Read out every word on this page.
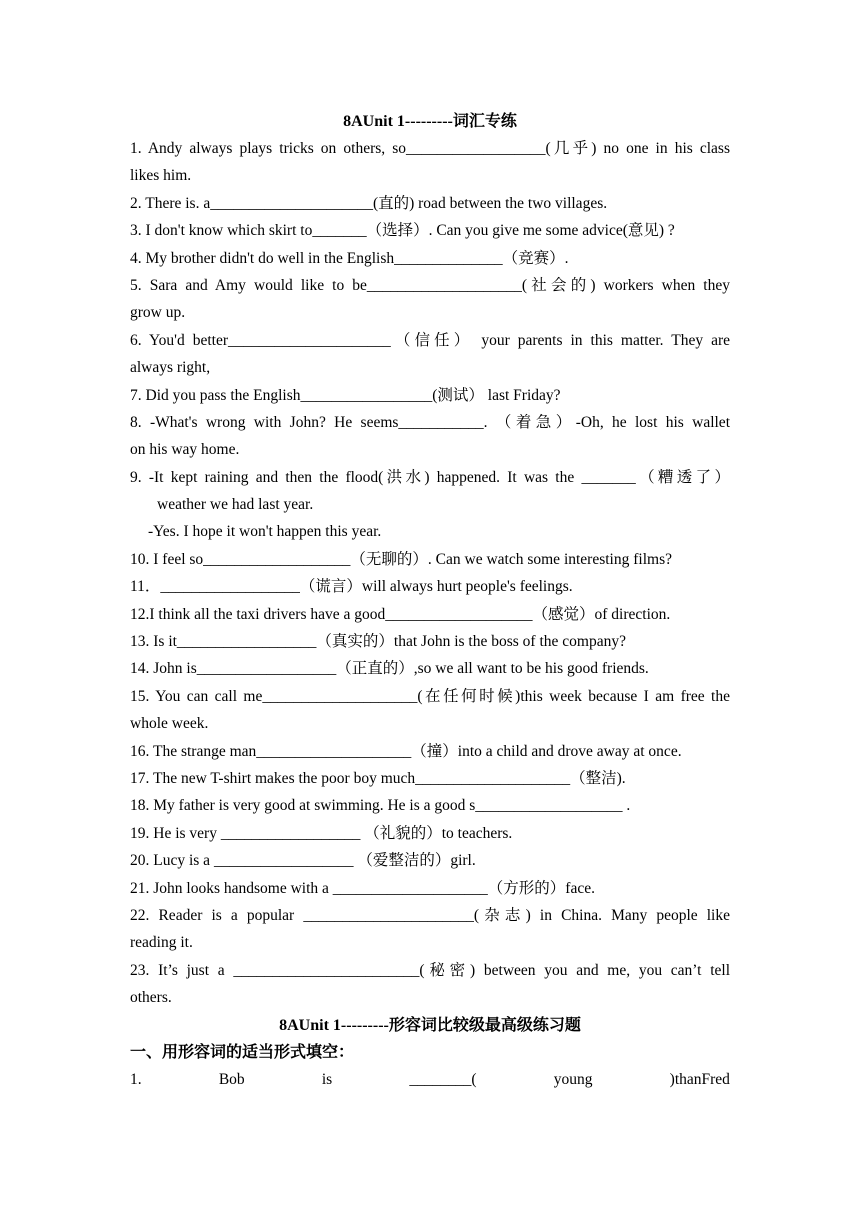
8AUnit 1---------词汇专练
1. Andy always plays tricks on others, so__________________(几乎) no one in his class
likes him.
2. There is. a_____________________(直的) road between the two villages.
3. I don't know which skirt to_______（选择）. Can you give me some advice(意见) ?
4. My brother didn't do well in the English______________（竞赛）.
5. Sara and Amy would like to be____________________(社会的) workers when they
grow up.
6. You'd better_____________________（信任） your parents in this matter. They are
always right,
7. Did you pass the English_________________(测试） last Friday?
8. -What's wrong with John? He seems___________. （着急）-Oh, he lost his wallet
on his way home.
9. -It kept raining and then the flood(洪水) happened. It was the _______（糟透了）
weather we had last year.
-Yes. I hope it won't happen this year.
10. I feel so___________________（无聊的）. Can we watch some interesting films?
11．__________________（谎言）will always hurt people's feelings.
12.I think all the taxi drivers have a good___________________（感觉）of direction.
13. Is it__________________（真实的）that John is the boss of the company?
14. John is__________________（正直的）,so we all want to be his good friends.
15. You can call me____________________(在任何时候)this week because I am free the
whole week.
16. The strange man____________________（撞）into a child and drove away at once.
17. The new T-shirt makes the poor boy much____________________（整洁).
18. My father is very good at swimming. He is a good s___________________ .
19. He is very __________________ （礼貌的）to teachers.
20. Lucy is a __________________ （爱整洁的）girl.
21. John looks handsome with a ____________________（方形的）face.
22. Reader is a popular ______________________(杂志) in China. Many people like
reading it.
23. It’s just a ________________________(秘密) between you and me, you can’t tell
others.
8AUnit 1---------形容词比较级最高级练习题
一、用形容词的适当形式填空：
1.	Bob	is	________(	young	)thanFred
